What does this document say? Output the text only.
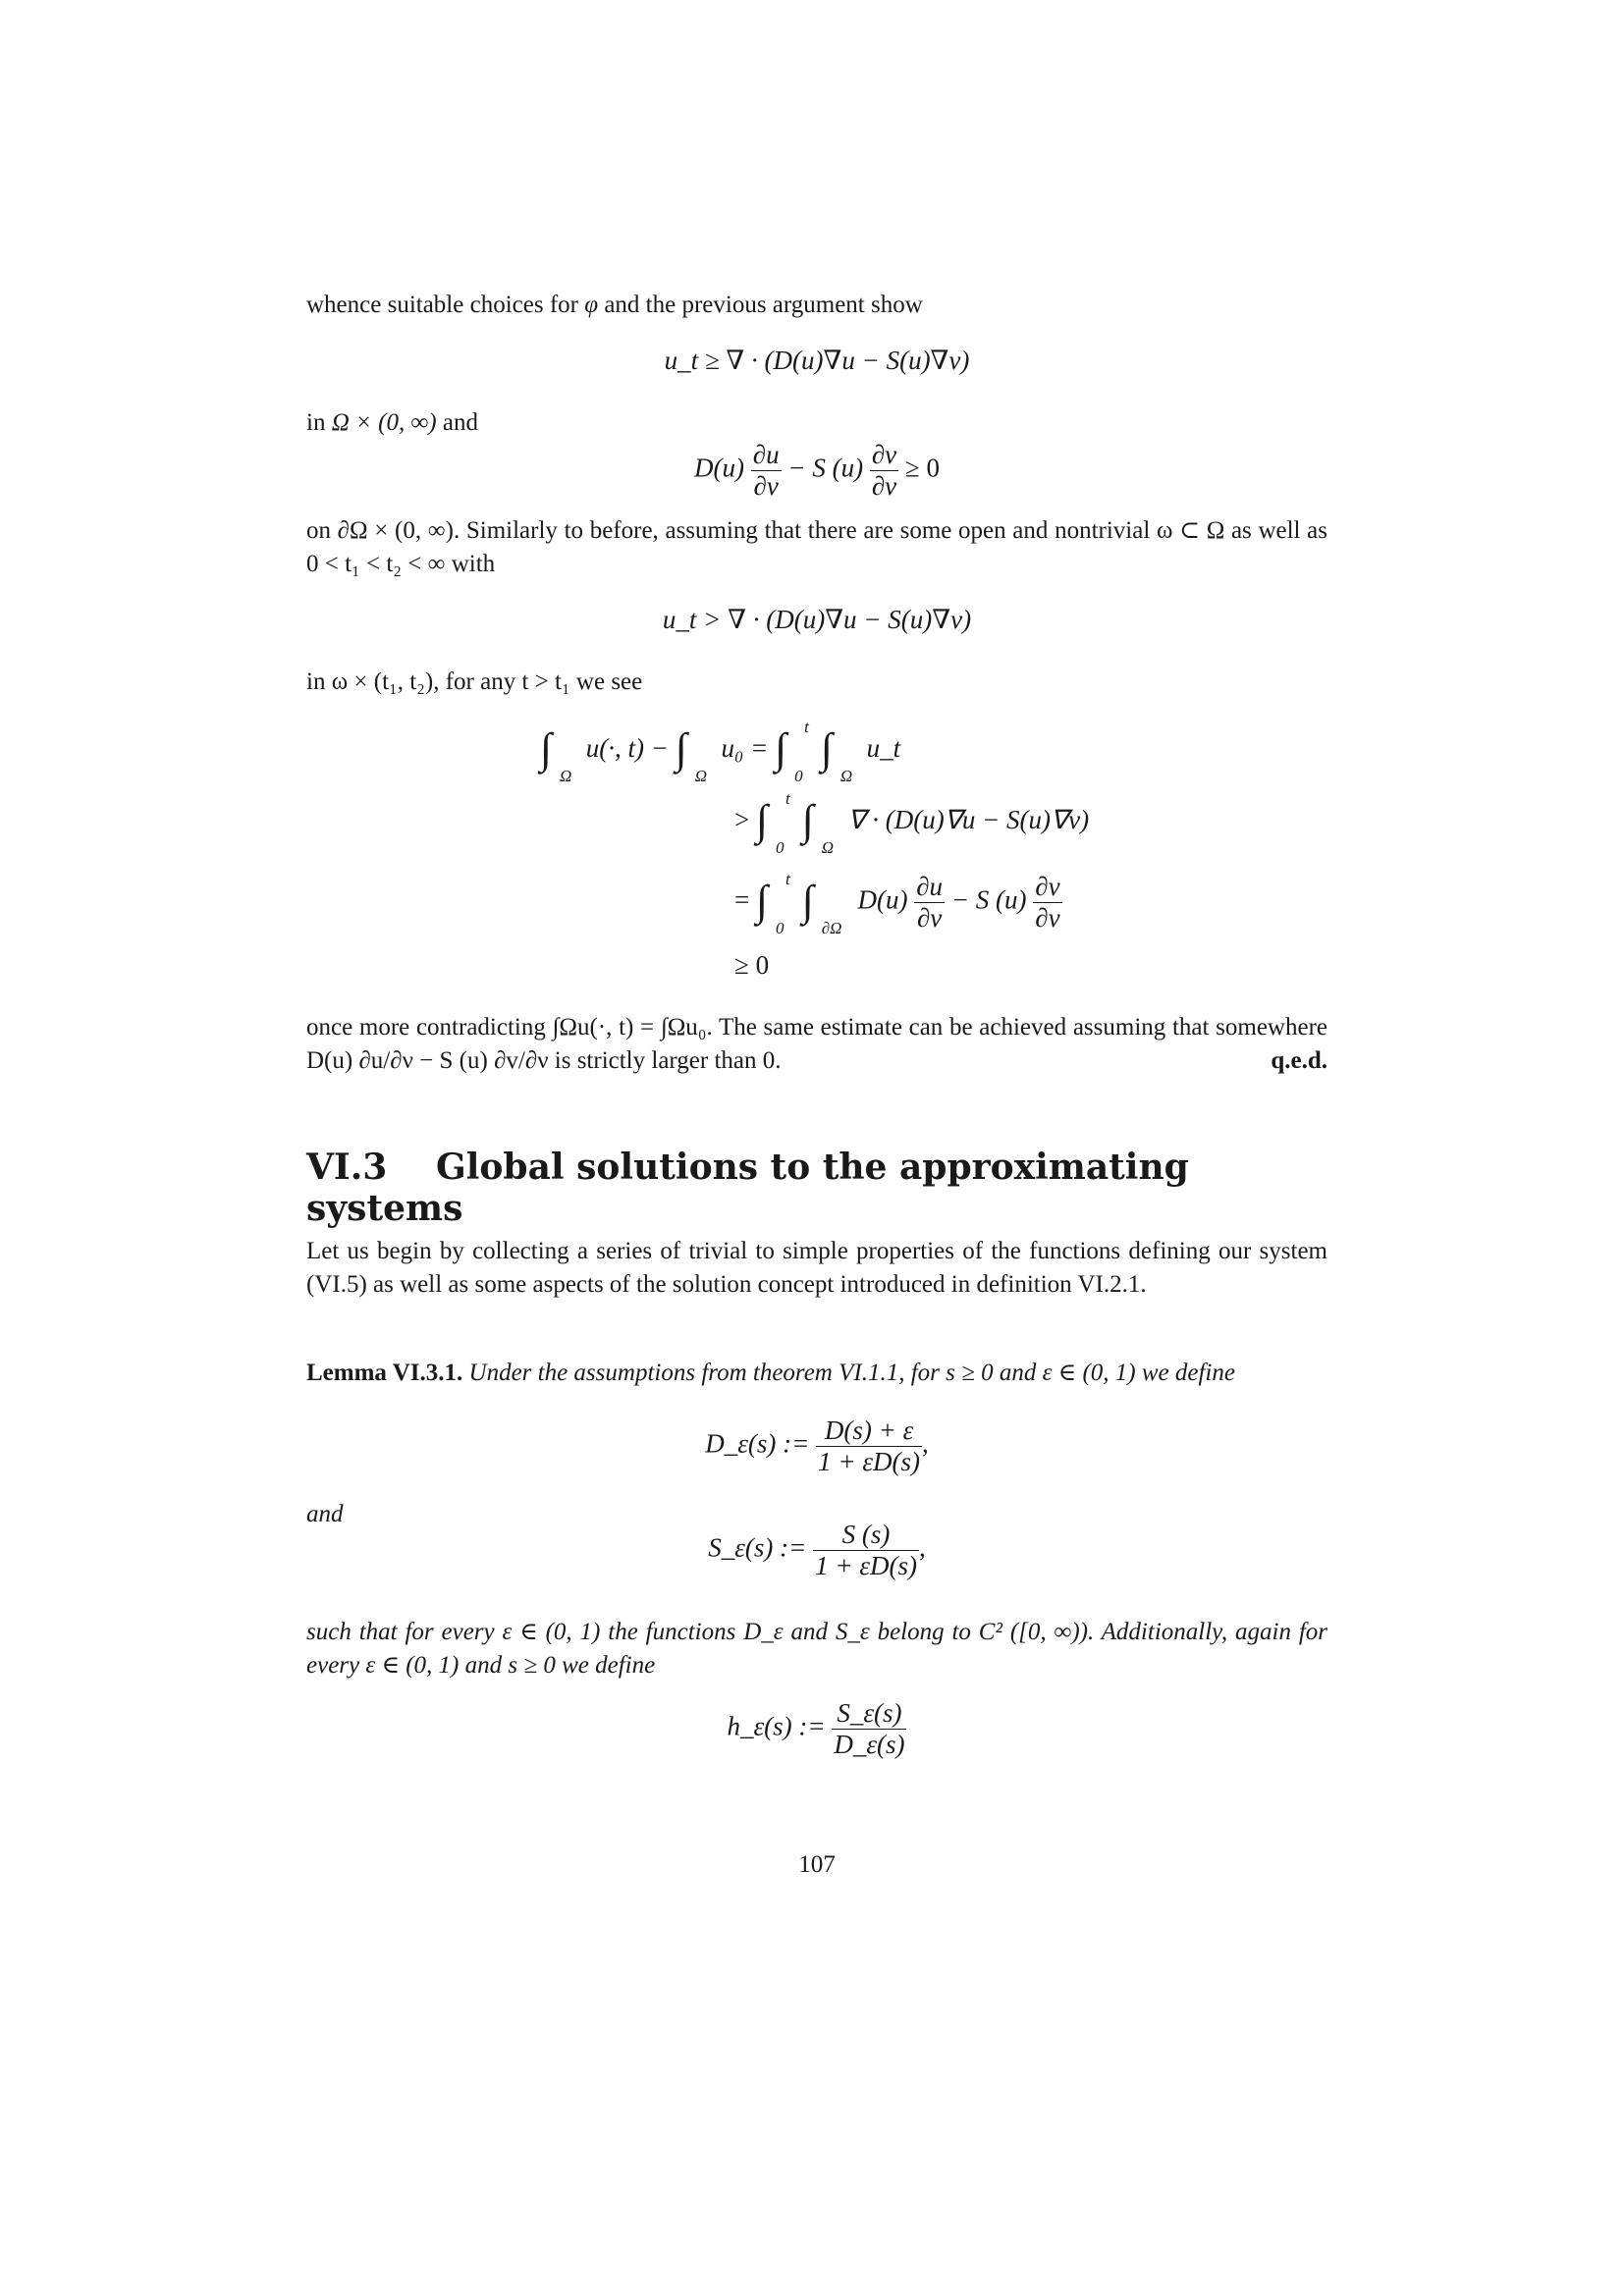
whence suitable choices for φ and the previous argument show
u_t ≥ ∇ · (D(u)∇u − S(u)∇v)
in Ω × (0, ∞) and
$D(u) \frac{\partial u}{\partial\nu} - S$ $(u) \frac{\partial v}{\partial\nu} \ge 0$
on ∂Ω × (0, ∞). Similarly to before, assuming that there are some open and nontrivial ω ⊂ Ω as well as 0 < t₁ < t₂ < ∞ with
u_t > ∇ · (D(u)∇u − S(u)∇v)
in ω × (t₁, t₂), for any t > t₁ we see
∫
Ω
u(·, t) − ∫
Ω
u₀ = ∫ t
0

∫
Ω
u_t
> ∫ t
0

∫
Ω
∇ · (D(u)∇u − S(u)∇v)
= ∫ t
0

∫
∂Ω
$D(u) \frac{\partial u}{\partial\nu} - S$ $(u) \frac{\partial v}{\partial\nu}$
≥ 0
once more contradicting ∫Ωu(·, t) = ∫Ωu₀. The same estimate can be achieved assuming that somewhere D(u) ∂u/∂ν − S (u) ∂v/∂ν is strictly larger than 0.	q.e.d.
VI.3 Global solutions to the approximating systems
Let us begin by collecting a series of trivial to simple properties of the functions defining our system (VI.5) as well as some aspects of the solution concept introduced in definition VI.2.1.
Lemma VI.3.1. Under the assumptions from theorem VI.1.1, for s ≥ 0 and ε ∈ (0, 1) we define
D_ε(s) := $\frac{D(s) + \varepsilon}{1 + \varepsilon D(s)}$ ,
and
S_ε(s) := $\frac{S (s)}{1 + \varepsilon D(s)}$ ,
such that for every ε ∈ (0, 1) the functions D_ε and S_ε belong to C² ([0, ∞)). Additionally, again for every ε ∈ (0, 1) and s ≥ 0 we define
h_ε(s) := $\frac{S\_\varepsilon(s)}{D\_\varepsilon(s)}$
107
